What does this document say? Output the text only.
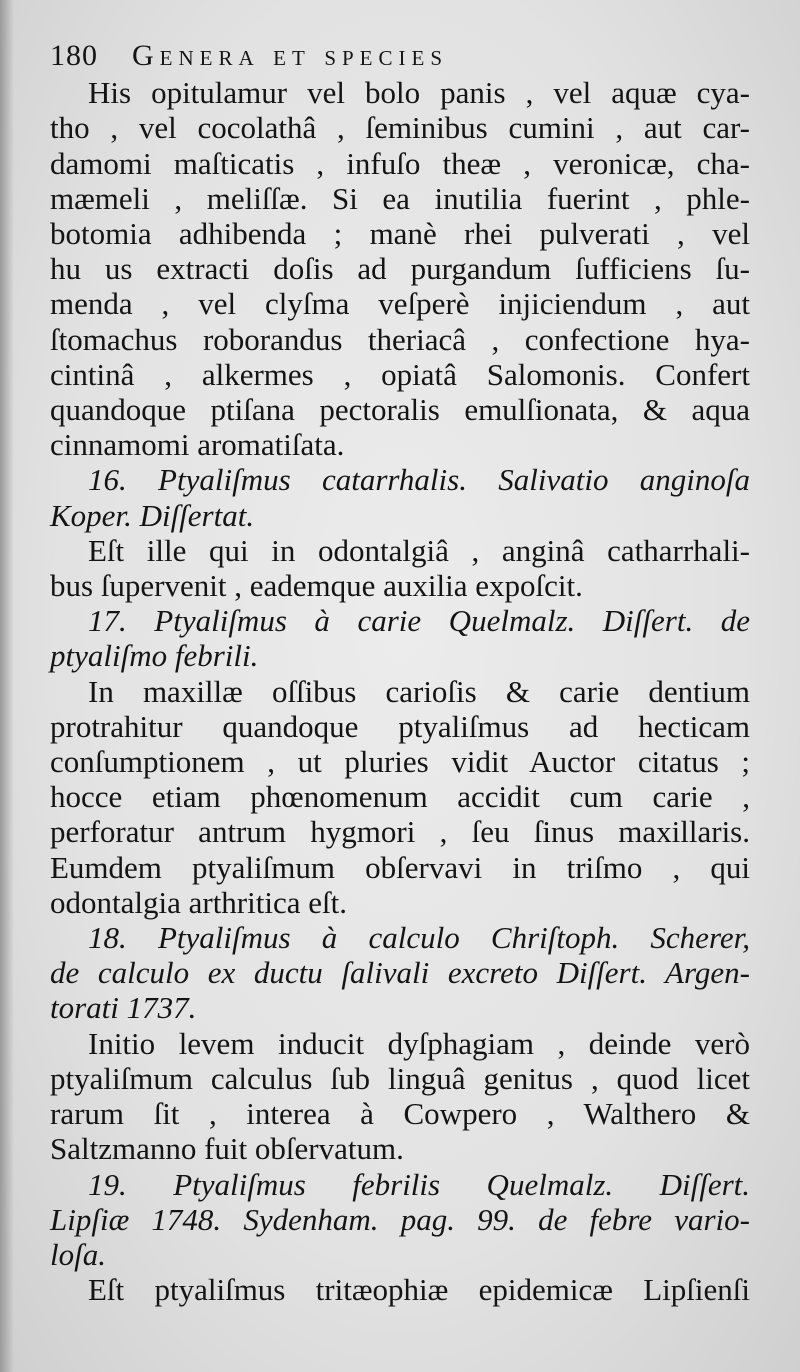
180 Genera et species
His opitulamur vel bolo panis , vel aquæ cya-
tho , vel cocolathâ , ſeminibus cumini , aut car-
damomi maſticatis , infuſo theæ , veronicæ, cha-
mæmeli , meliſſæ. Si ea inutilia fuerint , phle-
botomia adhibenda ; manè rhei pulverati , vel
hu us extracti doſis ad purgandum ſufficiens ſu-
menda , vel clyſma veſperè injiciendum , aut
ſtomachus roborandus theriacâ , confectione hya-
cintinâ , alkermes , opiatâ Salomonis. Confert
quandoque ptiſana pectoralis emulſionata, & aqua
cinnamomi aromatiſata.
16. Ptyaliſmus catarrhalis. Salivatio anginoſa
Koper. Diſſertat.
Eſt ille qui in odontalgiâ , anginâ catharrhali-
bus ſupervenit , eademque auxilia expoſcit.
17. Ptyaliſmus à carie Quelmalz. Diſſert. de
ptyaliſmo febrili.
In maxillæ oſſibus carioſis & carie dentium
protrahitur quandoque ptyaliſmus ad hecticam
conſumptionem , ut pluries vidit Auctor citatus ;
hocce etiam phœnomenum accidit cum carie ,
perforatur antrum hygmori , ſeu ſinus maxillaris.
Eumdem ptyaliſmum obſervavi in triſmo , qui
odontalgia arthritica eſt.
18. Ptyaliſmus à calculo Chriſtoph. Scherer,
de calculo ex ductu ſalivali excreto Diſſert. Argen-
torati 1737.
Initio levem inducit dyſphagiam , deinde verò
ptyaliſmum calculus ſub linguâ genitus , quod licet
rarum ſit , interea à Cowpero , Walthero &
Saltzmanno fuit obſervatum.
19. Ptyaliſmus febrilis Quelmalz. Diſſert.
Lipſiæ 1748. Sydenham. pag. 99. de febre vario-
loſa.
Eſt ptyaliſmus tritæophiæ epidemicæ Lipſienſi
